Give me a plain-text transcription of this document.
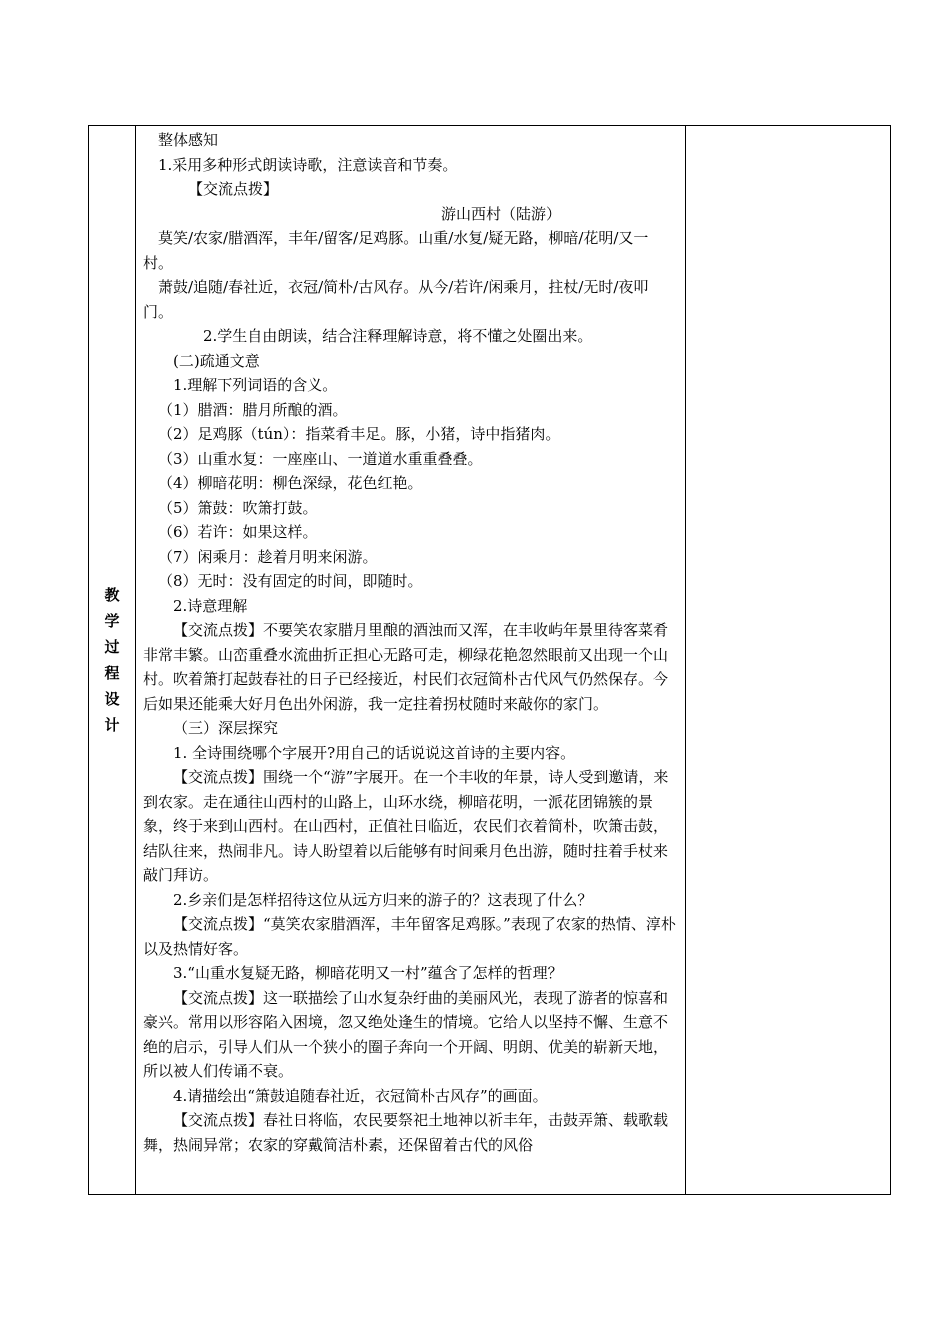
教
学
过
程
设
计

整体感知

1.采用多种形式朗读诗歌，注意读音和节奏。

【交流点拨】

游山西村（陆游）

莫笑/农家/腊酒浑，丰年/留客/足鸡豚。山重/水复/疑无路，柳暗/花明/又一村。

萧鼓/追随/春社近，衣冠/简朴/古风存。从今/若许/闲乘月，拄杖/无时/夜叩门。

2.学生自由朗读，结合注释理解诗意，将不懂之处圈出来。

(二)疏通文意

1.理解下列词语的含义。

（1）腊酒：腊月所酿的酒。

（2）足鸡豚（tún）：指菜肴丰足。豚，小猪，诗中指猪肉。

（3）山重水复：一座座山、一道道水重重叠叠。

（4）柳暗花明：柳色深绿，花色红艳。

（5）箫鼓：吹箫打鼓。

（6）若许：如果这样。

（7）闲乘月：趁着月明来闲游。

（8）无时：没有固定的时间，即随时。

2.诗意理解

【交流点拨】不要笑农家腊月里酿的酒浊而又浑，在丰收屿年景里待客菜肴非常丰繁。山峦重叠水流曲折正担心无路可走，柳绿花艳忽然眼前又出现一个山村。吹着箫打起鼓春社的日子已经接近，村民们衣冠简朴古代风气仍然保存。今后如果还能乘大好月色出外闲游，我一定拄着拐杖随时来敲你的家门。

（三）深层探究

1. 全诗围绕哪个字展开?用自己的话说说这首诗的主要内容。

【交流点拨】围绕一个“游”字展开。在一个丰收的年景，诗人受到邀请，来到农家。走在通往山西村的山路上，山环水绕，柳暗花明，一派花团锦簇的景象，终于来到山西村。在山西村，正值社日临近，农民们衣着简朴，吹箫击鼓，结队往来，热闹非凡。诗人盼望着以后能够有时间乘月色出游，随时拄着手杖来敲门拜访。

2.乡亲们是怎样招待这位从远方归来的游子的？这表现了什么？

【交流点拨】“莫笑农家腊酒浑，丰年留客足鸡豚。”表现了农家的热情、淳朴以及热情好客。

3.“山重水复疑无路，柳暗花明又一村”蕴含了怎样的哲理？

【交流点拨】这一联描绘了山水复杂纡曲的美丽风光，表现了游者的惊喜和豪兴。常用以形容陷入困境，忽又绝处逢生的情境。它给人以坚持不懈、生意不绝的启示，引导人们从一个狭小的圈子奔向一个开阔、明朗、优美的崭新天地，所以被人们传诵不衰。

4.请描绘出“箫鼓追随春社近，衣冠简朴古风存”的画面。

【交流点拨】春社日将临，农民要祭祀土地神以祈丰年，击鼓弄箫、载歌载舞，热闹异常；农家的穿戴简洁朴素，还保留着古代的风俗
